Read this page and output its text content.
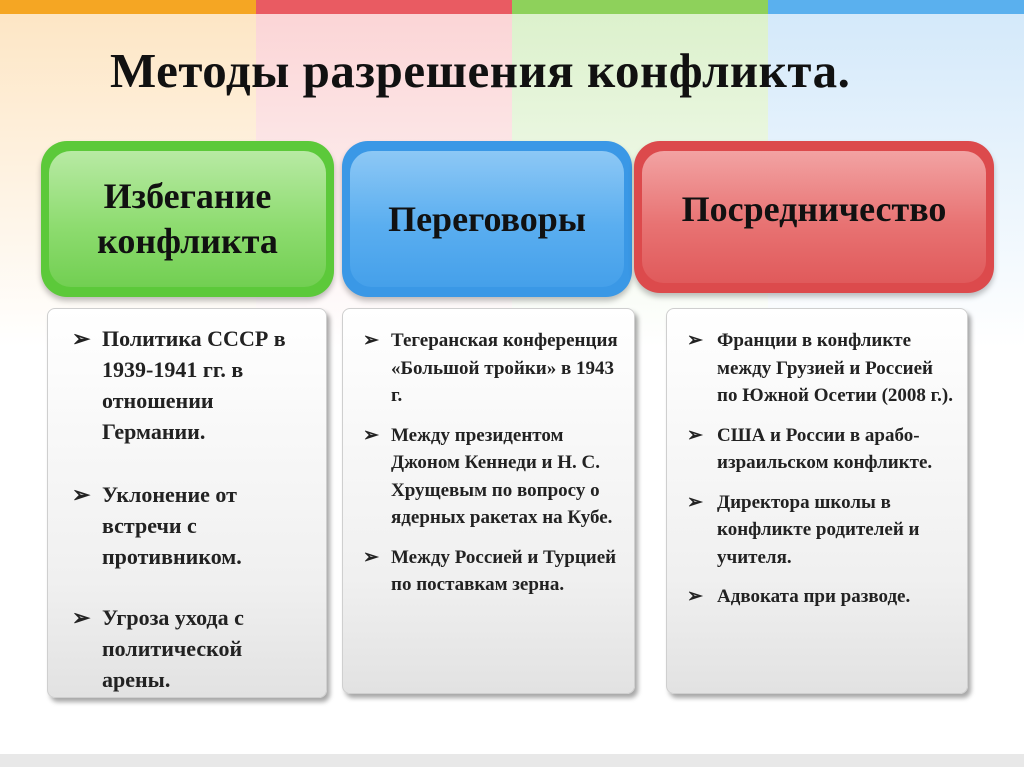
Методы разрешения конфликта.
Избегание
конфликта
Переговоры	Посредничество
➢ Политика СССР в 1939-1941 гг. в отношении Германии.
➢ Уклонение от встречи с противником.
➢ Угроза ухода с политической арены.
➢ Тегеранская конференция «Большой тройки» в 1943 г.
➢ Между президентом Джоном Кеннеди и Н. С. Хрущевым по вопросу о ядерных ракетах на Кубе.
➢ Между Россией и Турцией по поставкам зерна.
➢ Франции в конфликте между Грузией и Россией по Южной Осетии (2008 г.).
➢ США и России в арабо-израильском конфликте.
➢ Директора школы в конфликте родителей и учителя.
➢ Адвоката при разводе.
